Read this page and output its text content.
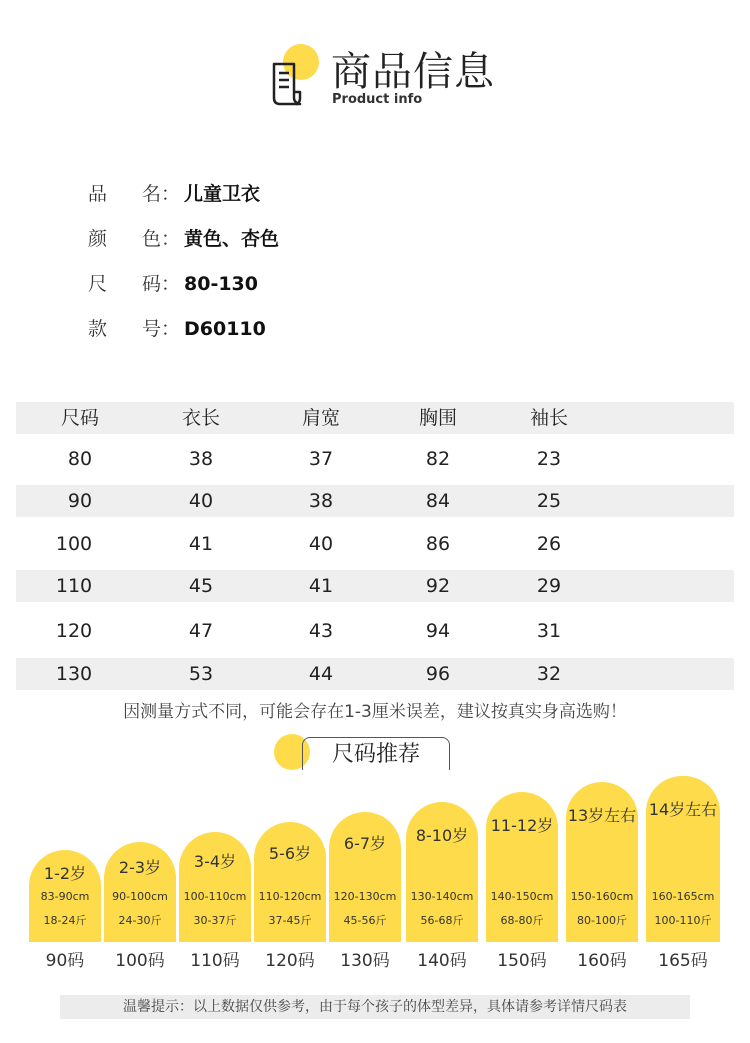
商品信息
Product info
品	名： 儿童卫衣
颜	色： 黄色、杏色
尺	码： 80-130
款	号： D60110
尺码	衣长	肩宽	胸围	袖长
80	38	37	82	23
90	40	38	84	25
100	41	40	86	26
110	45	41	92	29
120	47	43	94	31
130	53	44	96	32
因测量方式不同，可能会存在1-3厘米误差，建议按真实身高选购！
尺码推荐
1-2岁
83-90cm
18-24斤
2-3岁
90-100cm
24-30斤
3-4岁
100-110cm
30-37斤
5-6岁
110-120cm
37-45斤
6-7岁
120-130cm
45-56斤
8-10岁
130-140cm
56-68斤
11-12岁
140-150cm
68-80斤
13岁左右
150-160cm
80-100斤
14岁左右
160-165cm
100-110斤
90码	100码	110码	120码	130码	140码	150码	160码	165码
温馨提示：以上数据仅供参考，由于每个孩子的体型差异，具体请参考详情尺码表
